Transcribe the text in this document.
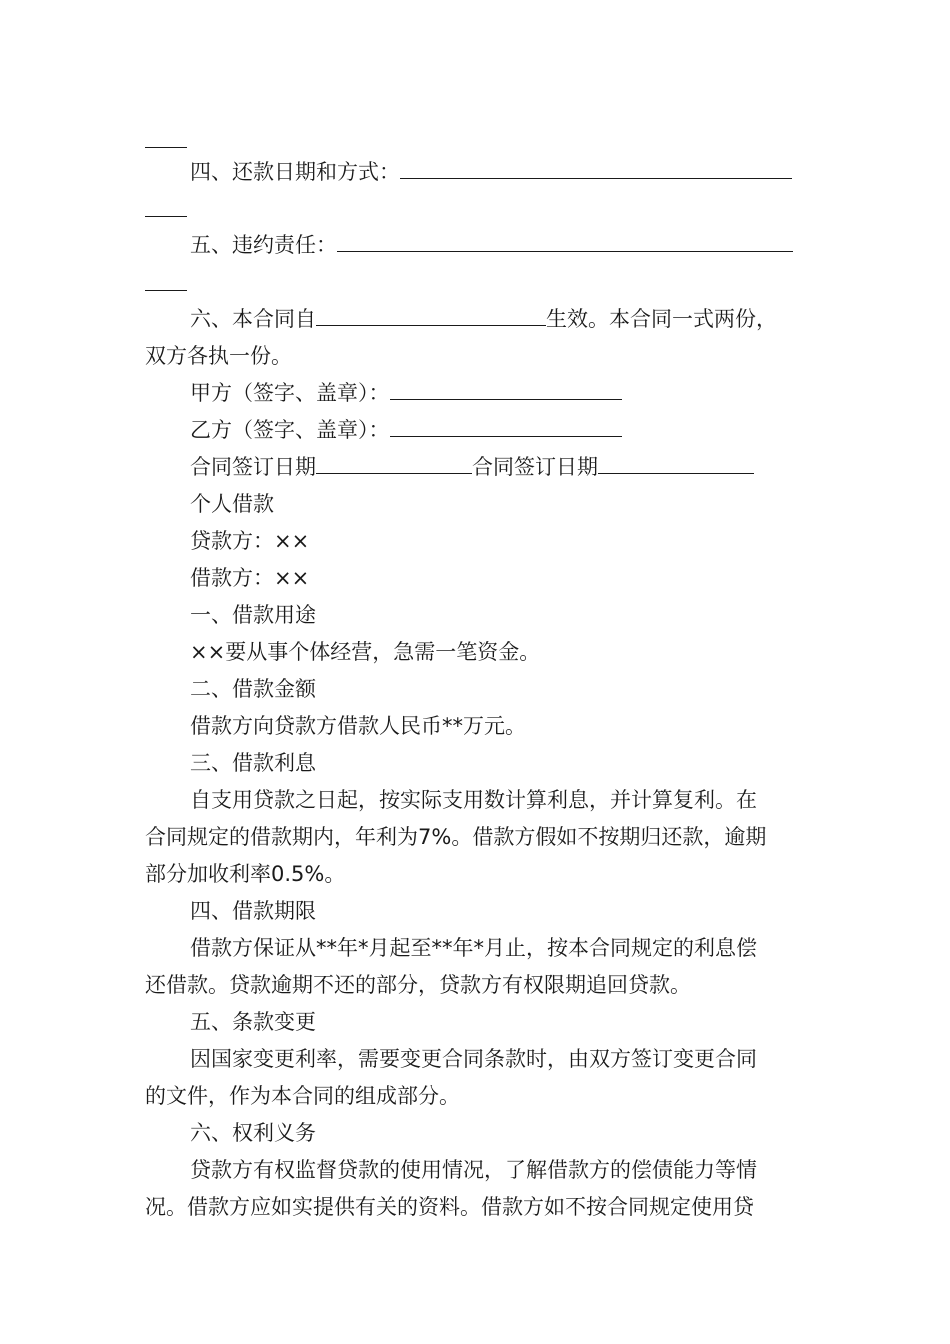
四、还款日期和方式：
五、违约责任：
六、本合同自	生效。本合同一式两份，
双方各执一份。
甲方（签字、盖章）：
乙方（签字、盖章）：
合同签订日期	合同签订日期
个人借款
贷款方：××
借款方：××
一、借款用途
××要从事个体经营，急需一笔资金。
二、借款金额
借款方向贷款方借款人民币**万元。
三、借款利息
自支用贷款之日起，按实际支用数计算利息，并计算复利。在
合同规定的借款期内，年利为7%。借款方假如不按期归还款，逾期
部分加收利率0.5%。
四、借款期限
借款方保证从**年*月起至**年*月止，按本合同规定的利息偿
还借款。贷款逾期不还的部分，贷款方有权限期追回贷款。
五、条款变更
因国家变更利率，需要变更合同条款时，由双方签订变更合同
的文件，作为本合同的组成部分。
六、权利义务
贷款方有权监督贷款的使用情况，了解借款方的偿债能力等情
况。借款方应如实提供有关的资料。借款方如不按合同规定使用贷
